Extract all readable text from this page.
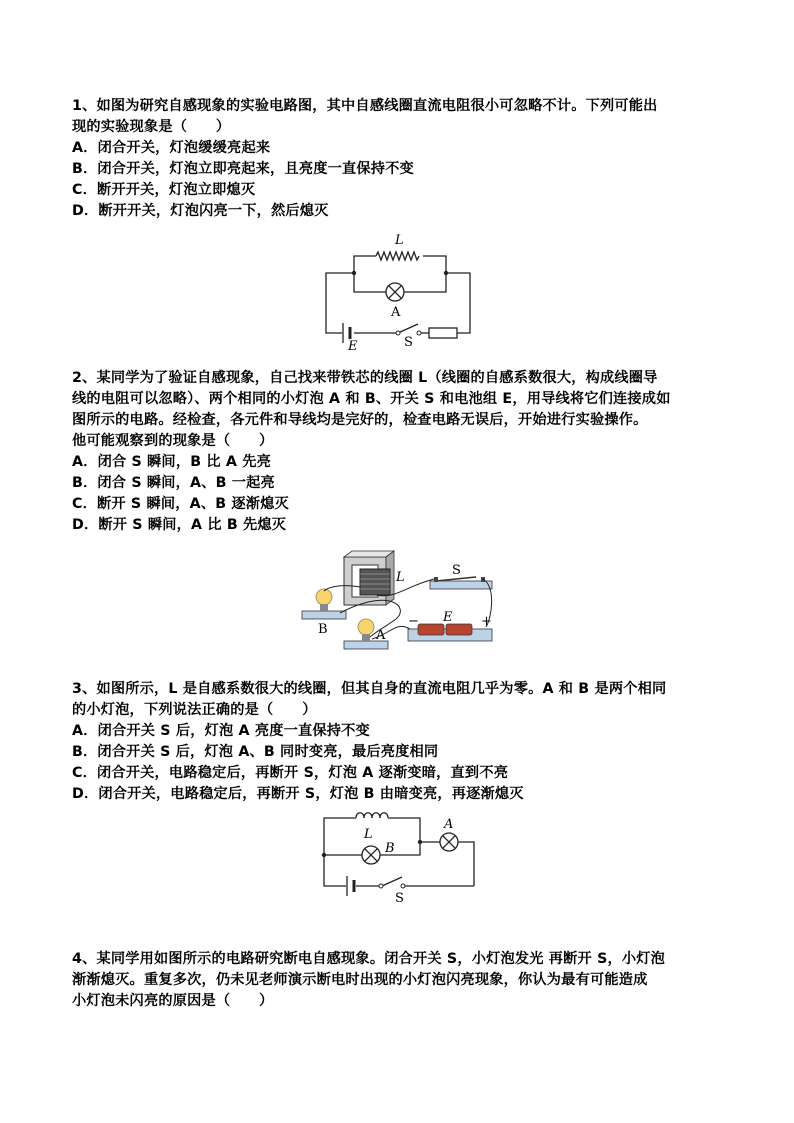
1、如图为研究自感现象的实验电路图，其中自感线圈直流电阻很小可忽略不计。下列可能出
现的实验现象是（　　）
A．闭合开关，灯泡缓缓亮起来
B．闭合开关，灯泡立即亮起来，且亮度一直保持不变
C．断开开关，灯泡立即熄灭
D．断开开关，灯泡闪亮一下，然后熄灭
L
A
E	S
2、某同学为了验证自感现象，自己找来带铁芯的线圈 L（线圈的自感系数很大，构成线圈导
线的电阻可以忽略）、两个相同的小灯泡 A 和 B、开关 S 和电池组 E，用导线将它们连接成如
图所示的电路。经检查，各元件和导线均是完好的，检查电路无误后，开始进行实验操作。
他可能观察到的现象是（　　）
A．闭合 S 瞬间，B 比 A 先亮
B．闭合 S 瞬间，A、B 一起亮
C．断开 S 瞬间，A、B 逐渐熄灭
D．断开 S 瞬间，A 比 B 先熄灭
L	S
B	A
−	+
E
3、如图所示，L 是自感系数很大的线圈，但其自身的直流电阻几乎为零。A 和 B 是两个相同
的小灯泡，下列说法正确的是（　　）
A．闭合开关 S 后，灯泡 A 亮度一直保持不变
B．闭合开关 S 后，灯泡 A、B 同时变亮，最后亮度相同
C．闭合开关，电路稳定后，再断开 S，灯泡 A 逐渐变暗，直到不亮
D．闭合开关，电路稳定后，再断开 S，灯泡 B 由暗变亮，再逐渐熄灭
L
A
B
S
4、某同学用如图所示的电路研究断电自感现象。闭合开关 S，小灯泡发光 再断开 S，小灯泡
渐渐熄灭。重复多次，仍未见老师演示断电时出现的小灯泡闪亮现象，你认为最有可能造成
小灯泡未闪亮的原因是（　　）
